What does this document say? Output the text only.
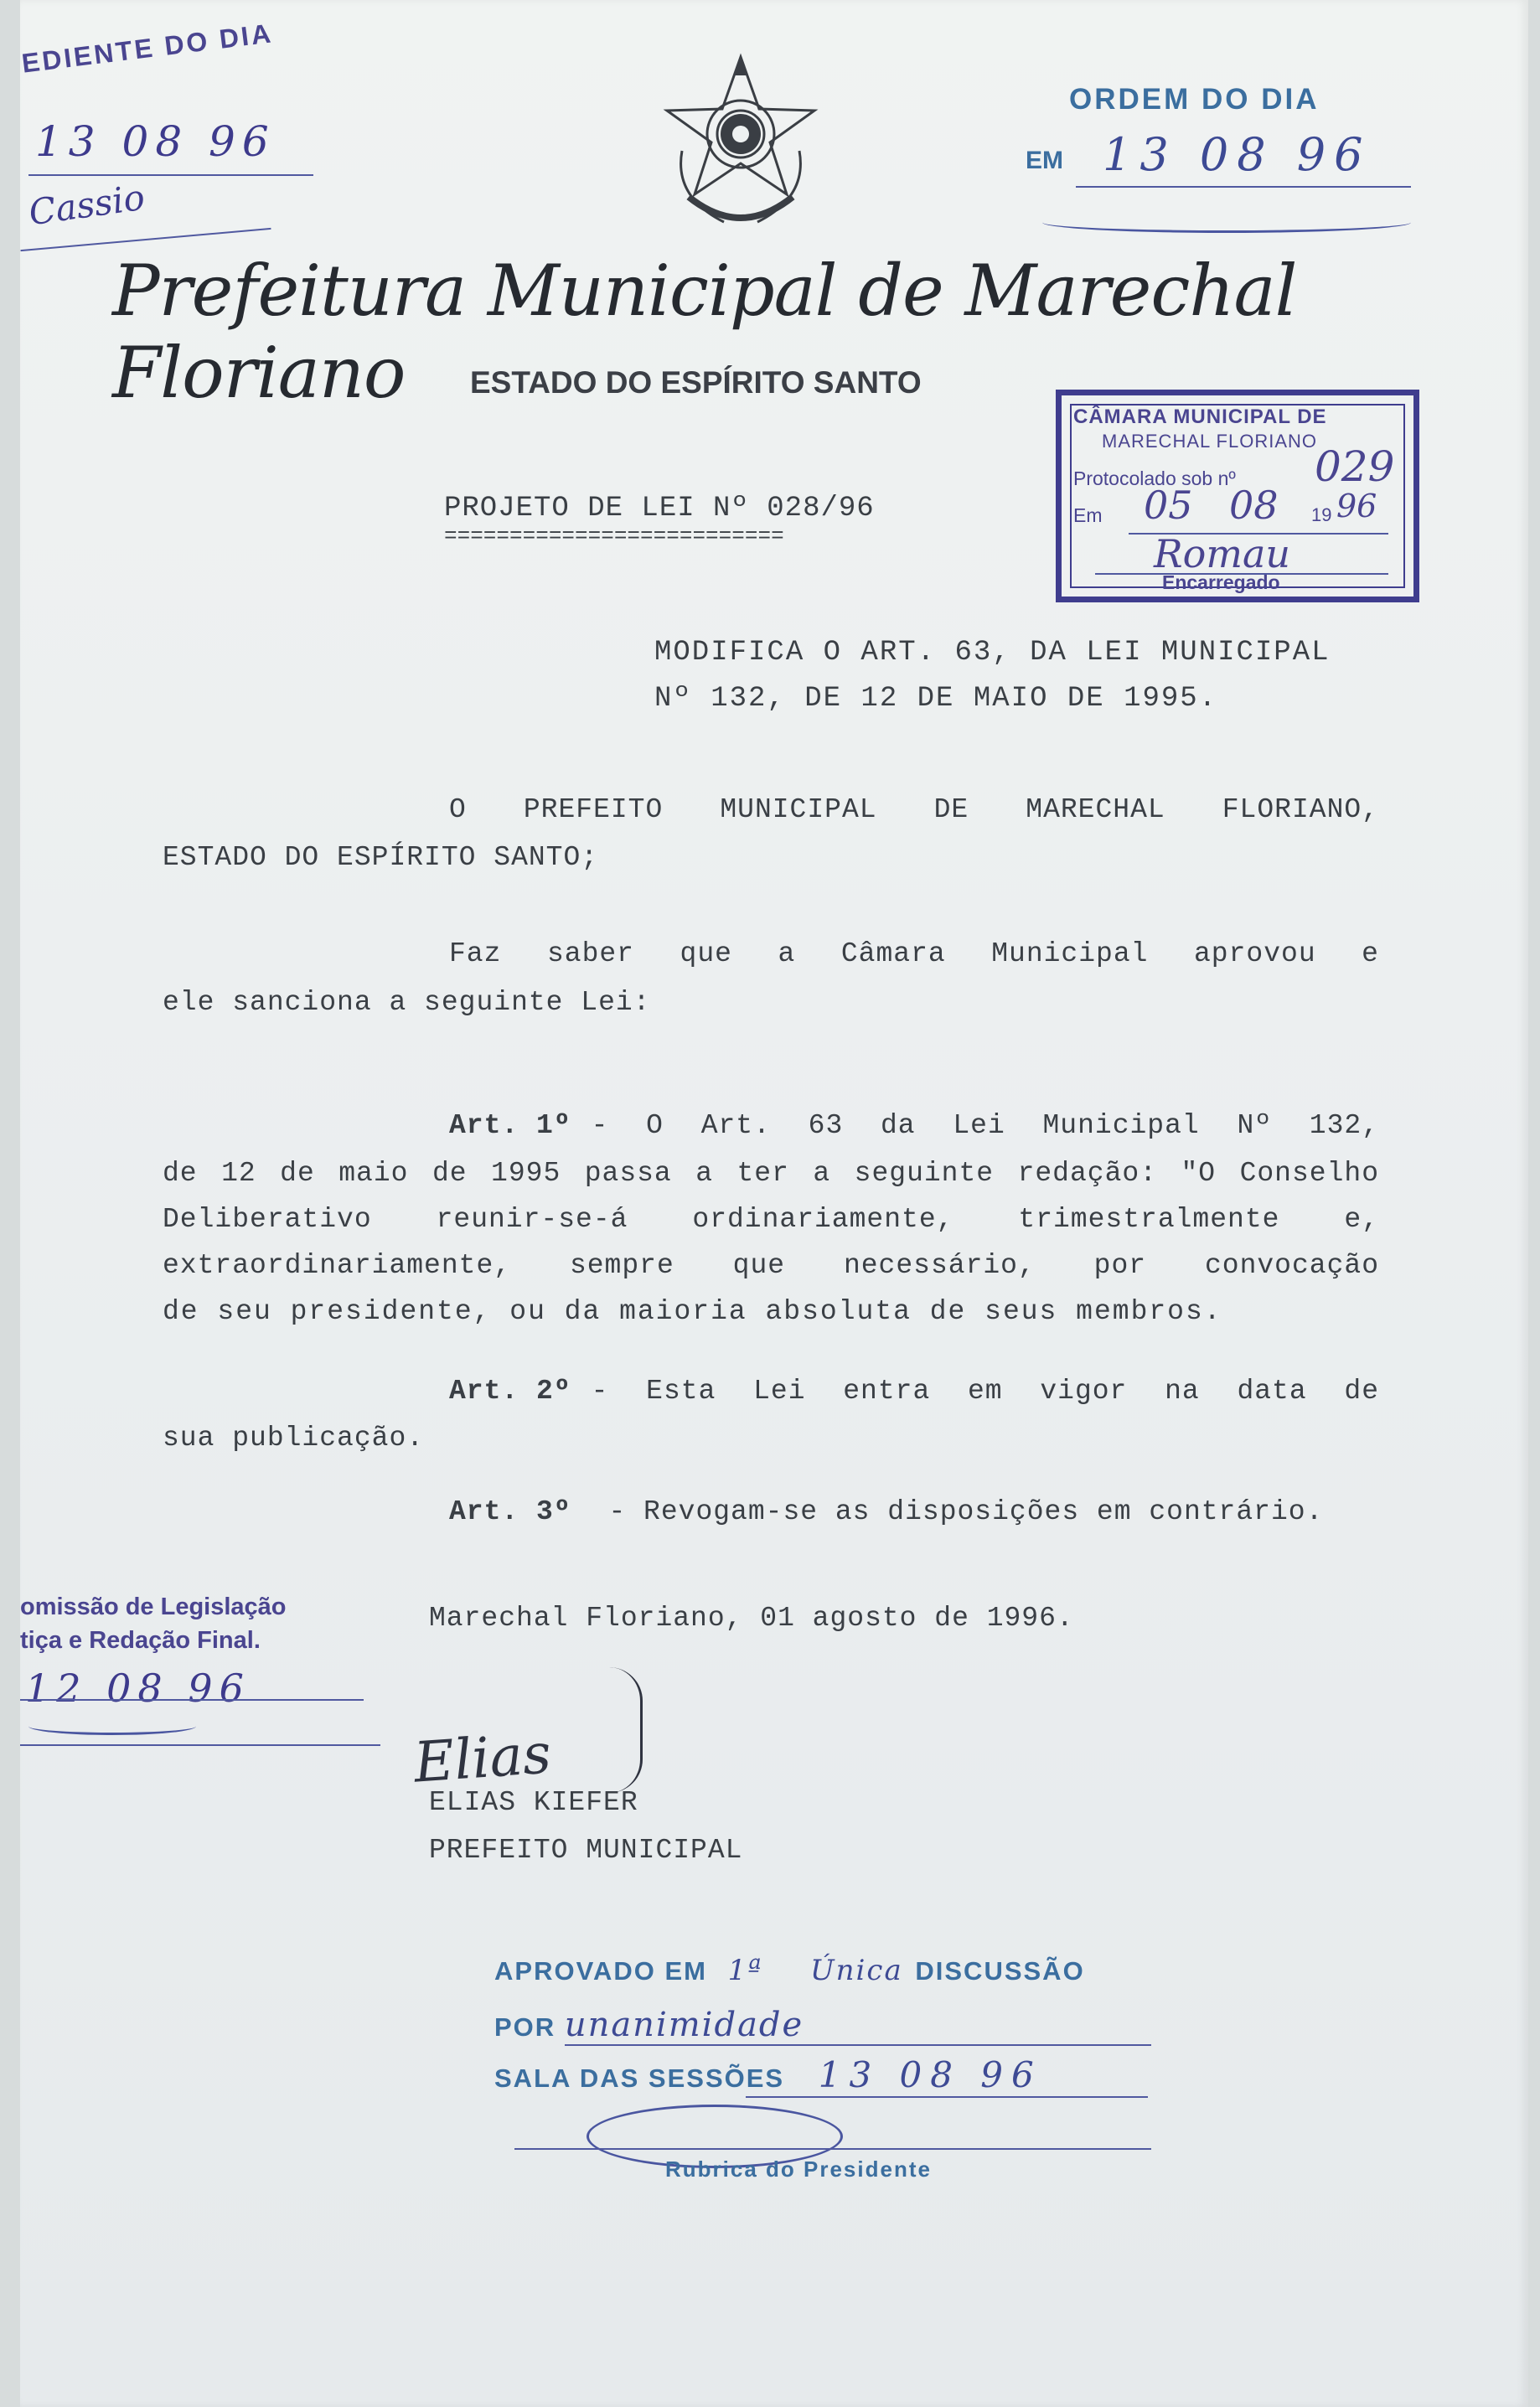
EDIENTE DO DIA
13 08 96
Cassio
ORDEM DO DIA
EM 13 08 96
Prefeitura Municipal de Marechal Floriano	ESTADO DO ESPÍRITO SANTO
CÂMARA MUNICIPAL DE
MARECHAL FLORIANO
Protocolado sob nº 029
Em 05 08 19 96
Romau
Encarregado
PROJETO DE LEI Nº 028/96
==========================
MODIFICA O ART. 63, DA LEI MUNICIPAL
Nº 132, DE 12 DE MAIO DE 1995.
O PREFEITO MUNICIPAL DE MARECHAL FLORIANO,
ESTADO DO ESPÍRITO SANTO;
Faz saber que a Câmara Municipal aprovou e
ele sanciona a seguinte Lei:
Art. 1º - O Art. 63 da Lei Municipal Nº 132,
de 12 de maio de 1995 passa a ter a seguinte redação: "O Conselho
Deliberativo reunir-se-á ordinariamente, trimestralmente e,
extraordinariamente, sempre que necessário, por convocação
de seu presidente, ou da maioria absoluta de seus membros.
Art. 2º - Esta Lei entra em vigor na data de
sua publicação.
Art. 3º - Revogam-se as disposições em contrário.
Marechal Floriano, 01 agosto de 1996.
omissão de Legislação
tiça e Redação Final.
12 08 96
Elias
ELIAS KIEFER
PREFEITO MUNICIPAL
APROVADO EM 1ª Única DISCUSSÃO
POR unanimidade
SALA DAS SESSÕES 13 08 96
Rubrica do Presidente
